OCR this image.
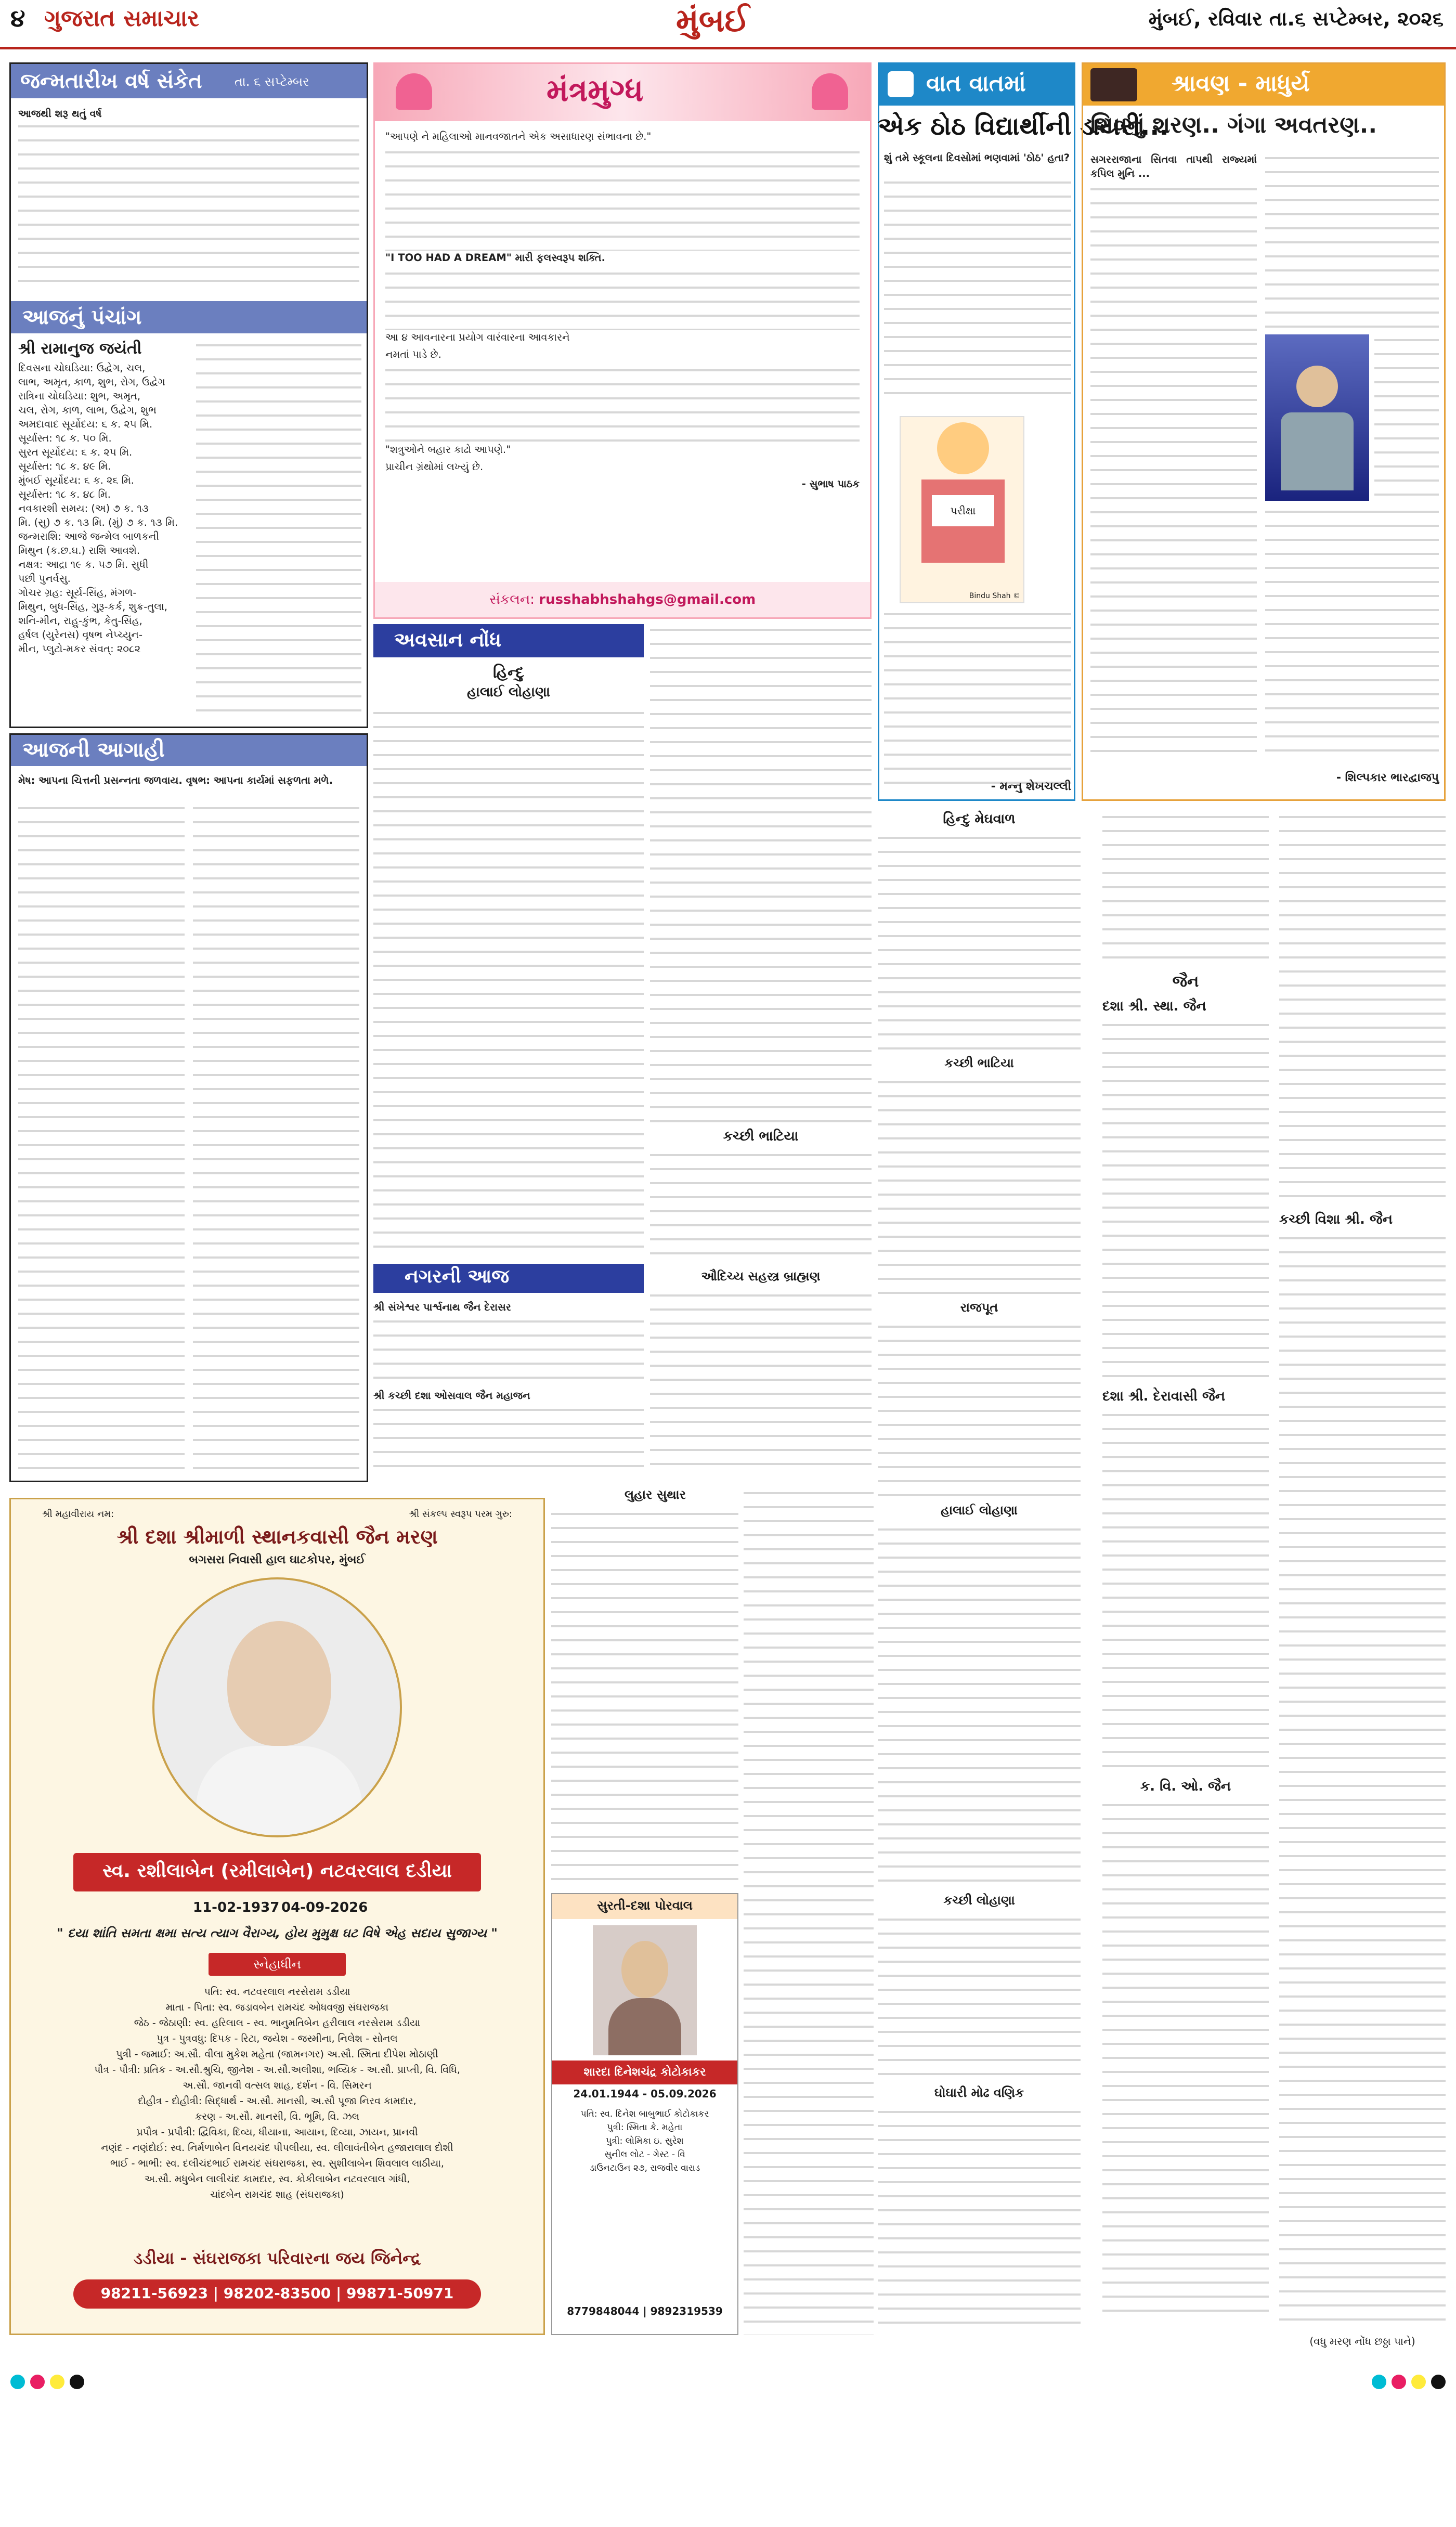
૪ ગુજરાત સમાચાર	મુંબઈ	મુંબઈ, રવિવાર તા.૬ સપ્ટેમ્બર, ૨૦૨૬
જન્મતારીખ વર્ષ સંકેત	તા. ૬ સપ્ટેમ્બર
આજથી શરૂ થતું વર્ષ
આજનું પંચાંગ
શ્રી રામાનુજ જયંતી
દિવસના ચોઘડિયા: ઉદ્વેગ, ચલ,
લાભ, અમૃત, કાળ, શુભ, રોગ, ઉદ્વેગ
રાત્રિના ચોઘડિયા: શુભ, અમૃત,
ચલ, રોગ, કાળ, લાભ, ઉદ્વેગ, શુભ
અમદાવાદ સૂર્યોદય: ૬ ક. ૨૫ મિ.
સૂર્યાસ્ત: ૧૮ ક. ૫૦ મિ.
સુરત સૂર્યોદય: ૬ ક. ૨૫ મિ.
સૂર્યાસ્ત: ૧૮ ક. ૪૯ મિ.
મુંબઈ સૂર્યોદય: ૬ ક. ૨૬ મિ.
સૂર્યાસ્ત: ૧૮ ક. ૪૮ મિ.
નવકારશી સમય: (અ) ૭ ક. ૧૩
મિ. (સુ) ૭ ક. ૧૩ મિ. (મું) ૭ ક. ૧૩ મિ.
જન્મરાશિ: આજે જન્મેલ બાળકની
મિથુન (ક.છ.ઘ.) રાશિ આવશે.
નક્ષત્ર: આદ્રા ૧૯ ક. ૫૭ મિ. સુધી
પછી પુનર્વસુ.
ગોચર ગ્રહ: સૂર્ય-સિંહ, મંગળ-
મિથુન, બુધ-સિંહ, ગુરૂ-કર્ક, શુક્ર-તુલા,
શનિ-મીન, રાહુ-કુંભ, કેતુ-સિંહ,
હર્ષલ (યુરેનસ) વૃષભ નેપ્ચ્યુન-
મીન, પ્લુટો-મકર સંવત્: ૨૦૮૨
આજની આગાહી
મેષ: આપના ચિત્તની પ્રસન્નતા જળવાય. વૃષભ: આપના કાર્યમાં સફળતા મળે.
મંત્રમુગ્ધ

"આપણે ને મહિલાઓ માનવજાતને એક અસાધારણ સંભાવના છે."

"I TOO HAD A DREAM" મારી ફલસ્વરૂપ શક્તિ.

આ ૪ આવનારના પ્રયોગ વારંવારના આવકારને

નમતાં પાડે છે.

"શત્રુઓને બહાર કાઢો આપણે."

પ્રાચીન ગ્રંથોમાં લખ્યું છે.

- સુભાષ પાઠક
સંકલન: russhabhshahgs@gmail.com
અવસાન નોંધ
હિન્દુ
હાલાઈ લોહાણા
નગરની આજ
શ્રી સંખેશ્વર પાર્શ્વનાથ જૈન દેરાસર
શ્રી કચ્છી દશા ઓસવાલ જૈન મહાજન
કચ્છી ભાટિયા
ઔદિચ્ય સહસ્ત્ર બ્રાહ્મણ
વાત વાતમાં
એક ઠોઠ વિદ્યાર્થીની ડાયરી...
શું તમે સ્કૂલના દિવસોમાં ભણવામાં 'ઠોઠ' હતા?
પરીક્ષા
Bindu Shah ©
- મન્નુ શેખચલ્લી
શ્રાવણ - માધુર્ય
શિવનું શરણ.. ગંગા અવતરણ..
સગરરાજાના સિતવા તાપથી રાજ્યમાં કપિલ મુનિ ...
- શિલ્પકાર ભારદ્વાજપુ
જૈન
દશા શ્રી. સ્થા. જૈન
દશા શ્રી. દેરાવાસી જૈન
ક. વિ. ઓ. જૈન
કચ્છી વિશા શ્રી. જૈન
(વધુ મરણ નોંધ છઠ્ઠા પાને)
હિન્દુ મેઘવાળ
કચ્છી ભાટિયા
રાજપૂત
હાલાઈ લોહાણા
કચ્છી લોહાણા
ઘોઘારી મોઢ વણિક
લુહાર સુથાર
શ્રી મહાવીરાય નમ:	શ્રી સંકલ્પ સ્વરૂપ પરમ ગુરુ:
શ્રી દશા શ્રીમાળી સ્થાનકવાસી જૈન મરણ
બગસરા નિવાસી હાલ ઘાટકોપર, મુંબઈ
સ્વ. રશીલાબેન (રમીલાબેન) નટવરલાલ દડીયા
11-02-1937 04-09-2026
" દયા શાંતિ સમતા ક્ષમા સત્ય ત્યાગ વૈરાગ્ય, હોય મુમુક્ષ ઘટ વિષે એહ સદાય સુજાગ્ય "
સ્નેહાધીન
પતિ: સ્વ. નટવરલાલ નરસેરામ ડડીયા
માતા - પિતા: સ્વ. જડાવબેન રામચંદ ઓધવજી સંઘરાજકા
જેઠ - જેઠાણી: સ્વ. હરિલાલ - સ્વ. ભાનુમતિબેન હરીલાલ નરસેરામ ડડીયા
પુત્ર - પુત્રવધુ: દિપક - રિટા, જયેશ - જસ્મીના, નિલેશ - સોનલ
પુત્રી - જમાઈ: અ.સૌ. વીલા મુકેશ મહેતા (જામનગર) અ.સૌ. સ્મિતા દીપેશ મોઠાણી
પૌત્ર - પૌત્રી: પ્રતિક - અ.સૌ.શ્રુચિ, જીનેશ - અ.સૌ.અલીશા, ભવ્યિક - અ.સૌ. પ્રાપ્તી, વિ. વિધિ,
અ.સૌ. જાનવી વત્સલ શાહ, દર્શન - વિ. સિમરન
દોહીત્ર - દોહીત્રી: સિદ્ધાર્થ - અ.સૌ. માનસી, અ.સૌ પૂજા નિરવ કામદાર,
કરણ - અ.સૌ. માનસી, વિ. ભૂમિ, વિ. ઝલ
પ્રપૌત્ર - પ્રપૌત્રી: દ્વિવિકા, દિવ્ય, ધીયાના, આયાન, દિવ્યા, ઝાયન, પ્રાનવી
નણંદ - નણંદોઈ: સ્વ. નિર્મળાબેન વિનયચંદ પીપલીયા, સ્વ. લીલાવંતીબેન હજારાલાલ દોશી
ભાઈ - ભાભી: સ્વ. દલીચંદભાઈ રામચંદ સંઘરાજકા, સ્વ. સુશીલાબેન શિવલાલ લાઠીયા,
અ.સૌ. મધુબેન લાલીચંદ કામદાર, સ્વ. કોકીલાબેન નટવરલાલ ગાંધી,
ચાંદબેન રામચંદ શાહ (સંઘરાજકા)
ડડીયા - સંઘરાજકા પરિવારના જય જિનેન્દ્ર
98211-56923 | 98202-83500 | 99871-50971
સુરતી-દશા પોરવાલ
શારદા દિનેશચંદ્ર કોટોકાકર
24.01.1944 - 05.09.2026
પતિ: સ્વ. દિનેશ બાબુભાઈ કોટોકાકર
પુત્રી: સ્મિતા કે. મહેતા
પુત્રી: લોમિકા ઇ. સુરેશ
સુનીલ લોટ - ગેસ્ટ - વિ
ડાઉનટાઉન ૨૭, રાજવીર વારાડ
8779848044 | 9892319539
